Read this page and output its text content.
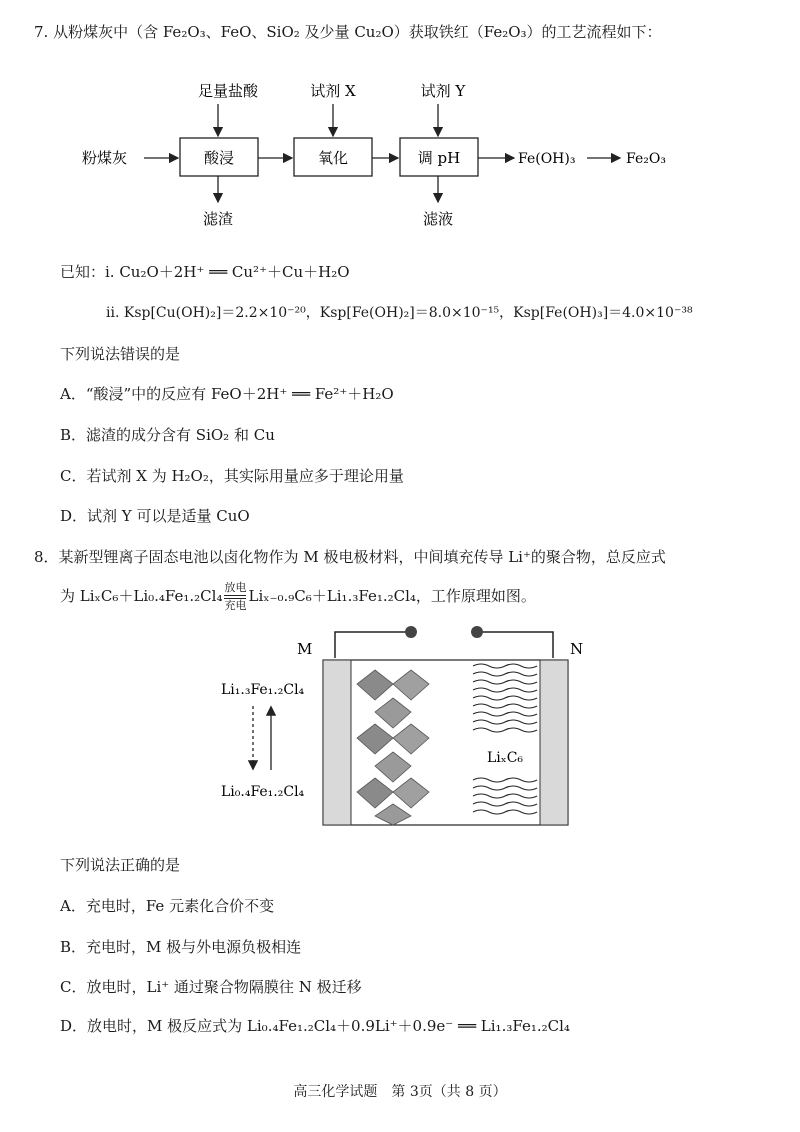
7. 从粉煤灰中（含 Fe₂O₃、FeO、SiO₂ 及少量 Cu₂O）获取铁红（Fe₂O₃）的工艺流程如下：
足量盐酸	试剂 X	试剂 Y
粉煤灰	酸浸	氧化	调 pH	Fe(OH)₃	Fe₂O₃
滤渣	滤液
已知：i. Cu₂O＋2H⁺ ══ Cu²⁺＋Cu＋H₂O
ii. Ksp[Cu(OH)₂]＝2.2×10⁻²⁰，Ksp[Fe(OH)₂]＝8.0×10⁻¹⁵，Ksp[Fe(OH)₃]＝4.0×10⁻³⁸
下列说法错误的是
A．“酸浸”中的反应有 FeO＋2H⁺ ══ Fe²⁺＋H₂O
B．滤渣的成分含有 SiO₂ 和 Cu
C．若试剂 X 为 H₂O₂，其实际用量应多于理论用量
D．试剂 Y 可以是适量 CuO
8．某新型锂离子固态电池以卤化物作为 M 极电极材料，中间填充传导 Li⁺的聚合物，总反应式
为 $Li_xC_6+Li_0._4Fe_1._2Cl_4 \frac{\text{放电}}{\text{充电}} Li_{x-0}._9C_6+Li_1._3Fe_1._2Cl_4$，工作原理如图。
M	N
LiₓC₆
Li₁.₃Fe₁.₂Cl₄
Li₀.₄Fe₁.₂Cl₄
下列说法正确的是
A．充电时，Fe 元素化合价不变
B．充电时，M 极与外电源负极相连
C．放电时，Li⁺ 通过聚合物隔膜往 N 极迁移
D．放电时，M 极反应式为 Li₀.₄Fe₁.₂Cl₄＋0.9Li⁺＋0.9e⁻ ══ Li₁.₃Fe₁.₂Cl₄
高三化学试题　第 3页（共 8 页）
